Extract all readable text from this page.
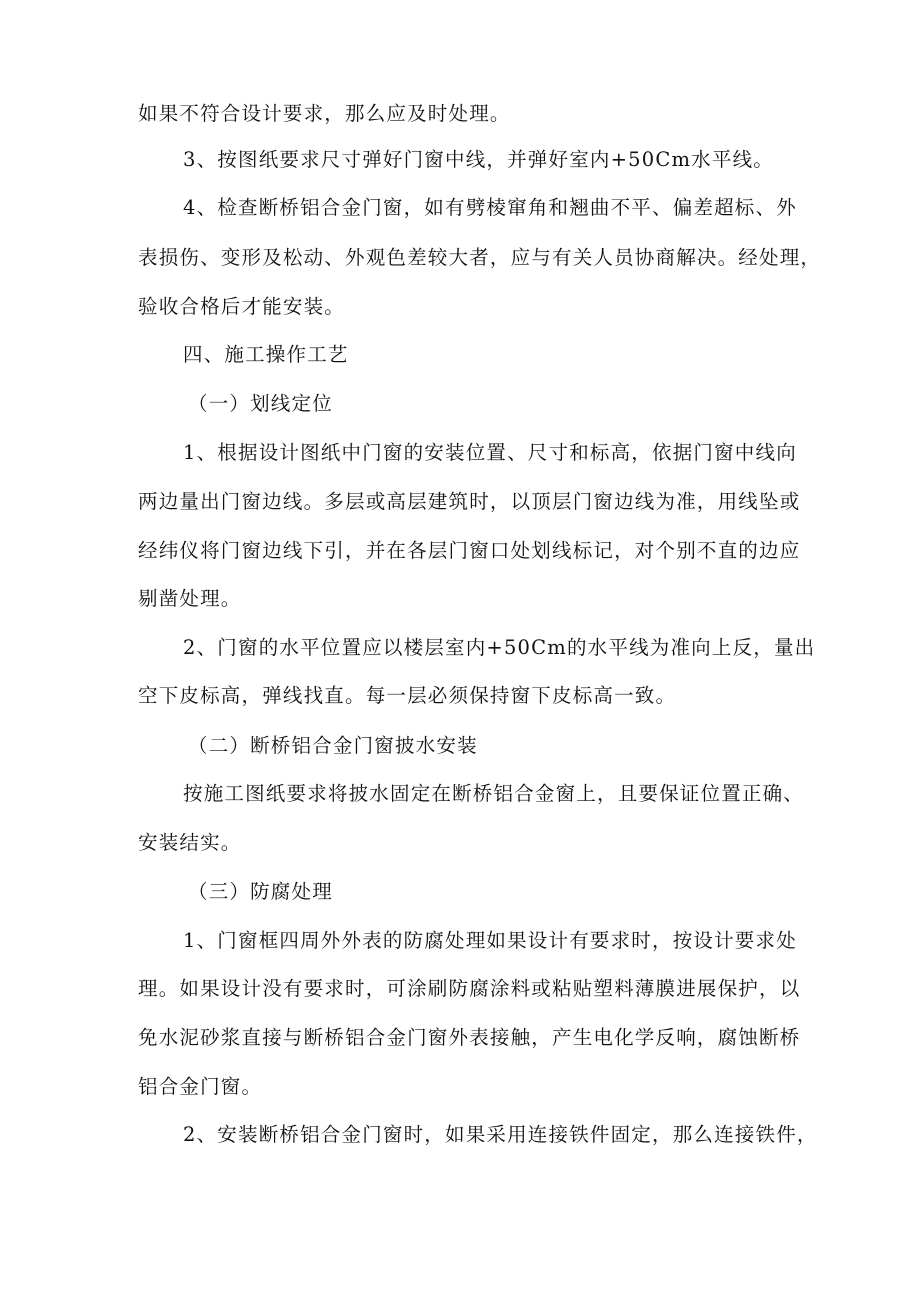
如果不符合设计要求，那么应及时处理。
3、按图纸要求尺寸弹好门窗中线，并弹好室内+50Cm水平线。
4、检查断桥铝合金门窗，如有劈棱窜角和翘曲不平、偏差超标、外
表损伤、变形及松动、外观色差较大者，应与有关人员协商解决。经处理，
验收合格后才能安装。
四、施工操作工艺
（一）划线定位
1、根据设计图纸中门窗的安装位置、尺寸和标高，依据门窗中线向
两边量出门窗边线。多层或高层建筑时，以顶层门窗边线为准，用线坠或
经纬仪将门窗边线下引，并在各层门窗口处划线标记，对个别不直的边应
剔凿处理。
2、门窗的水平位置应以楼层室内+50Cm的水平线为准向上反，量出
空下皮标高，弹线找直。每一层必须保持窗下皮标高一致。
（二）断桥铝合金门窗披水安装
按施工图纸要求将披水固定在断桥铝合金窗上，且要保证位置正确、
安装结实。
（三）防腐处理
1、门窗框四周外外表的防腐处理如果设计有要求时，按设计要求处
理。如果设计没有要求时，可涂刷防腐涂料或粘贴塑料薄膜进展保护，以
免水泥砂浆直接与断桥铝合金门窗外表接触，产生电化学反响，腐蚀断桥
铝合金门窗。
2、安装断桥铝合金门窗时，如果采用连接铁件固定，那么连接铁件，
